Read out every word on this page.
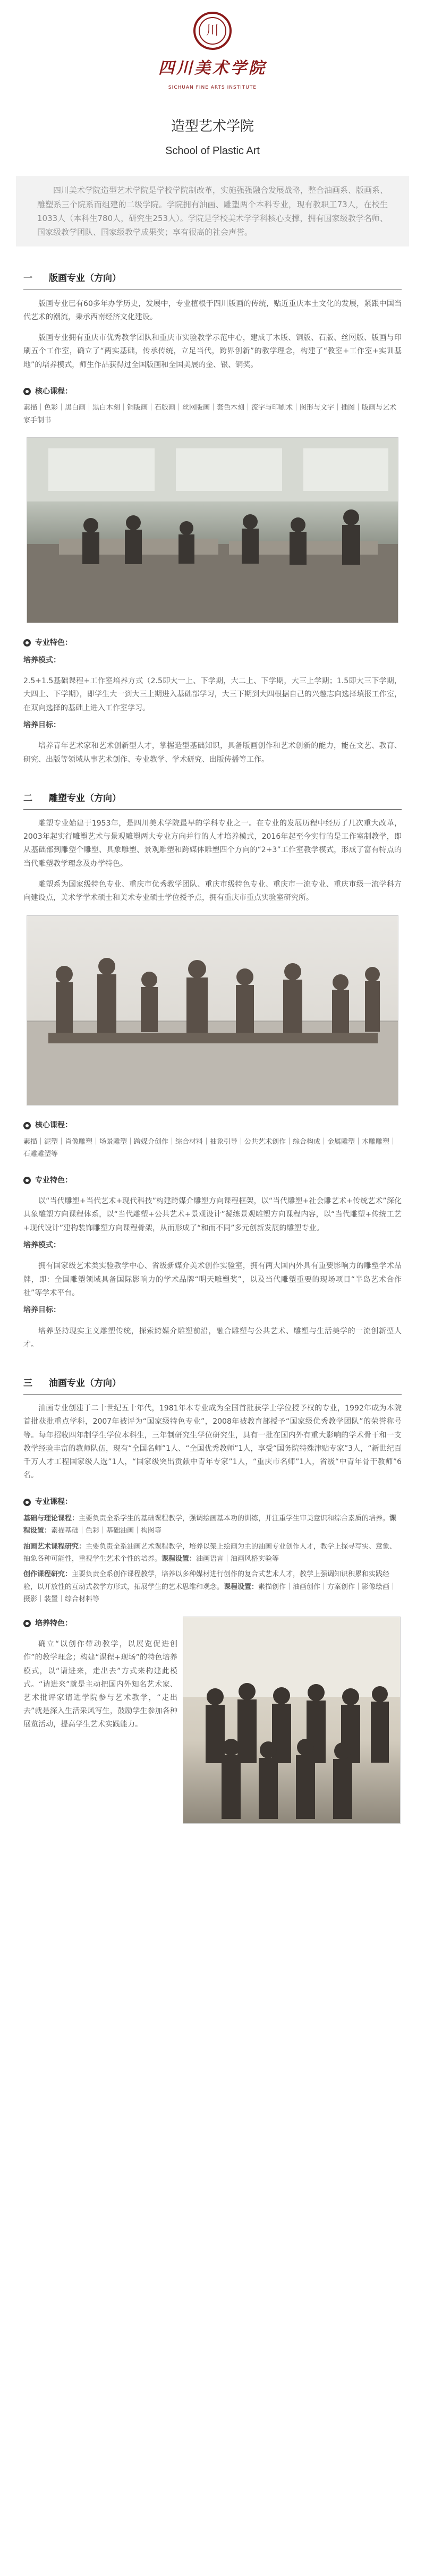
川
四川美术学院
SICHUAN FINE ARTS INSTITUTE
造型艺术学院
School of Plastic Art
四川美术学院造型艺术学院是学校学院制改革，实施强强融合发展战略，整合油画系、版画系、雕塑系三个院系而组建的二级学院。学院拥有油画、雕塑两个本科专业，现有教职工73人，在校生1033人（本科生780人，研究生253人）。学院是学校美术学学科核心支撑，拥有国家级教学名师、国家级教学团队、国家级教学成果奖；享有很高的社会声誉。
一	版画专业（方向）

版画专业已有60多年办学历史，发展中，专业植根于四川版画的传统，贴近重庆本土文化的发展，紧跟中国当代艺术的潮流，秉承西南经济文化建设。

版画专业拥有重庆市优秀教学团队和重庆市实验教学示范中心，建成了木版、铜版、石版、丝网版、版画与印刷五个工作室，确立了“两实基础，传承传统，立足当代，跨界创新”的教学理念，构建了“教室+工作室+实训基地”的培养模式，师生作品获得过全国版画和全国美展的金、银、铜奖。

核心课程：

素描｜色彩｜黑白画｜黑白木刻｜铜版画｜石版画｜丝网版画｜套色木刻｜流字与印刷术｜图形与文字｜插图｜版画与艺术家手制书

专业特色：
培养模式：

2.5+1.5基础课程+工作室培养方式（2.5即大一上、下学期，大二上、下学期，大三上学期；1.5即大三下学期，大四上、下学期），即学生大一到大三上期进入基础部学习，大三下期到大四根据自己的兴趣志向选择填报工作室，在双向选择的基础上进入工作室学习。

培养目标：

培养青年艺术家和艺术创新型人才，掌握造型基础知识，具备版画创作和艺术创新的能力，能在文艺、教育、研究、出版等领域从事艺术创作、专业教学、学术研究、出版传播等工作。

二	雕塑专业（方向）

雕塑专业始建于1953年，是四川美术学院最早的学科专业之一。在专业的发展历程中经历了几次重大改革，2003年起实行雕塑艺术与景观雕塑两大专业方向并行的人才培养模式，2016年起至今实行的是工作室制教学，即从基础部到雕塑个雕塑、具象雕塑、景观雕塑和跨媒体雕塑四个方向的“2+3”工作室教学模式，形成了富有特点的当代雕塑教学理念及办学特色。

雕塑系为国家级特色专业、重庆市优秀教学团队、重庆市级特色专业、重庆市一流专业、重庆市级一流学科方向建设点，美术学学术硕士和美术专业硕士学位授予点，拥有重庆市重点实验室研究所。

核心课程：

素描｜泥塑｜肖像雕塑｜场景雕塑｜跨媒介创作｜综合材料｜抽象引导｜公共艺术创作｜综合构成｜金属雕塑｜木雕雕塑｜石雕雕塑等

专业特色：

以“当代雕塑+当代艺术+现代科技”构建跨媒介雕塑方向课程框架，以“当代雕塑+社会雕艺术+传统艺术”深化具象雕塑方向课程体系，以“当代雕塑+公共艺术+景观设计”凝练景观雕塑方向课程内容，以“当代雕塑+传统工艺+现代设计”建构装饰雕塑方向课程骨架，从而形成了“和而不同”多元创新发展的雕塑专业。

培养模式：

拥有国家级艺术类实验教学中心、省级新媒介美术创作实验室，拥有两大国内外具有重要影响力的雕塑学术品牌，即：全国雕塑领域具备国际影响力的学术品牌“明天雕塑奖”，以及当代雕塑重要的现场项目“半岛艺术合作社”等学术平台。

培养目标：

培养坚持现实主义雕塑传统，探索跨媒介雕塑前沿，融合雕塑与公共艺术、雕塑与生活美学的一流创新型人才。

三	油画专业（方向）

油画专业创建于二十世纪五十年代，1981年本专业成为全国首批获学士学位授予权的专业，1992年成为本院首批获批重点学科，2007年被评为“国家级特色专业”，2008年被教育部授予“国家级优秀教学团队”的荣誉称号等。每年招收四年制学生学位本科生，三年制研究生学位研究生，具有一批在国内外有重大影响的学术骨干和一支教学经验丰富的教师队伍，现有“全国名师”1人、“全国优秀教师”1人，享受“国务院特殊津贴专家”3人，“新世纪百千万人才工程国家级人选”1人，“国家级突出贡献中青年专家”1人，“重庆市名师”1人，省级“中青年骨干教师”6名。

专业课程：

基础与理论课程：主要负责全系学生的基础课程教学，强调绘画基本功的训练，并注重学生审美意识和综合素质的培养。课程设置：素描基础｜色彩｜基础油画｜构图等

油画艺术课程研究：主要负责全系油画艺术课程教学，培养以架上绘画为主的油画专业创作人才，教学上探寻写实、意象、抽象各种可能性，重视学生艺术个性的培养。课程设置：油画语言｜油画风格实验等

创作课程研究：主要负责全系创作课程教学，培养以多种媒材进行创作的复合式艺术人才，教学上强调知识积累和实践经验，以开放性的互动式教学方形式，拓展学生的艺术思维和观念。课程设置：素描创作｜油画创作｜方案创作｜影像绘画｜摄影｜装置｜综合材料等

培养特色：

确立“以创作带动教学，以展览促进创作”的教学理念；构建“课程+现场”的特色培养模式，以“请进来，走出去”方式来构建此模式。“请进来”就是主动把国内外知名艺术家、艺术批评家请进学院参与艺术教学，“走出去”就是深入生活采风写生，鼓励学生参加各种展览活动，提高学生艺术实践能力。
